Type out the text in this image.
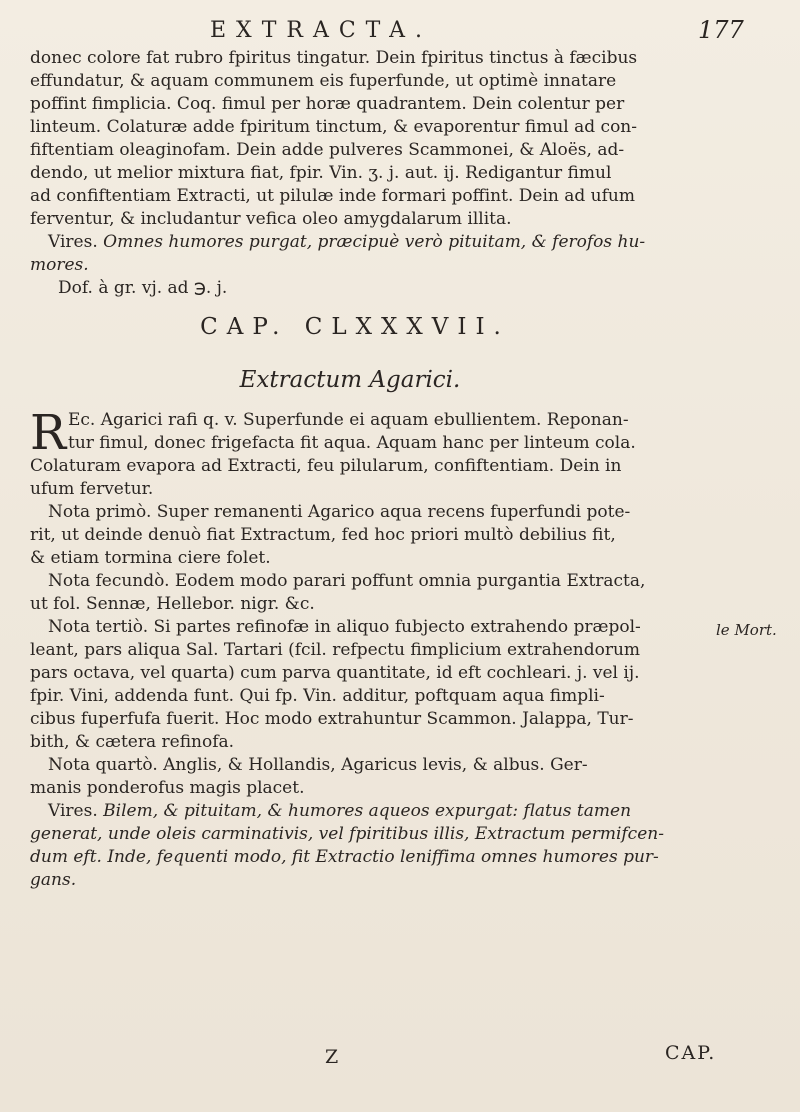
EXTRACTA.	177
donec colore fat rubro fpiritus tingatur. Dein fpiritus tinctus à fæcibus
effundatur, & aquam communem eis fuperfunde, ut optimè innatare
poffint fimplicia. Coq. fimul per horæ quadrantem. Dein colentur per
linteum. Colaturæ adde fpiritum tinctum, & evaporentur fimul ad con-
fiftentiam oleaginofam. Dein adde pulveres Scammonei, & Aloës, ad-
dendo, ut melior mixtura fiat, fpir. Vin. ʒ. j. aut. ij. Redigantur fimul
ad confiftentiam Extracti, ut pilulæ inde formari poffint. Dein ad ufum
ferventur, & includantur vefica oleo amygdalarum illita.
Vires. Omnes humores purgat, præcipuè verò pituitam, & ferofos hu-
mores.
Dof. à gr. vj. ad ℈. j.
CAP. CLXXXVII.
Extractum Agarici.
R Ec. Agarici rafi q. v. Superfunde ei aquam ebullientem. Reponan-
tur fimul, donec frigefacta fit aqua. Aquam hanc per linteum cola.
Colaturam evapora ad Extracti, feu pilularum, confiftentiam. Dein in
ufum fervetur.
Nota primò. Super remanenti Agarico aqua recens fuperfundi pote-
rit, ut deinde denuò fiat Extractum, fed hoc priori multò debilius fit,
& etiam tormina ciere folet.
Nota fecundò. Eodem modo parari poffunt omnia purgantia Extracta,
ut fol. Sennæ, Hellebor. nigr. &c.
Nota tertiò. Si partes refinofæ in aliquo fubjecto extrahendo præpol-
leant, pars aliqua Sal. Tartari (fcil. refpectu fimplicium extrahendorum
pars octava, vel quarta) cum parva quantitate, id eft cochleari. j. vel ij.
fpir. Vini, addenda funt. Qui fp. Vin. additur, poftquam aqua fimpli-
cibus fuperfufa fuerit. Hoc modo extrahuntur Scammon. Jalappa, Tur-
bith, & cætera refinofa.
Nota quartò. Anglis, & Hollandis, Agaricus levis, & albus. Ger-
manis ponderofus magis placet.
Vires. Bilem, & pituitam, & humores aqueos expurgat: flatus tamen
generat, unde oleis carminativis, vel fpiritibus illis, Extractum permifcen-
dum eft. Inde, fequenti modo, fit Extractio leniffima omnes humores pur-
gans.
le Mort.
Z	CAP.
